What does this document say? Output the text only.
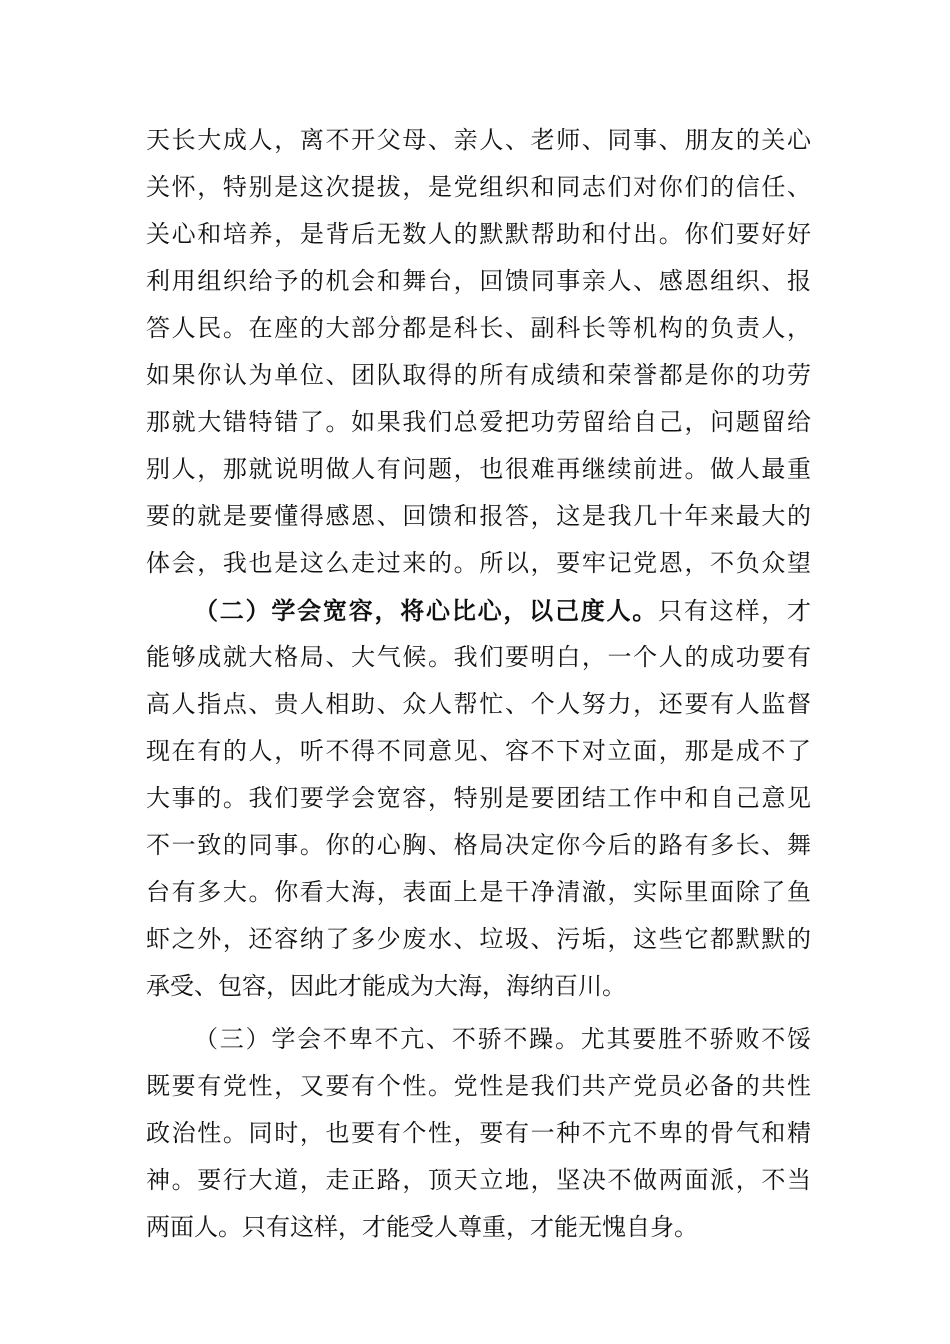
天长大成人，离不开父母、亲人、老师、同事、朋友的关心
关怀，特别是这次提拔，是党组织和同志们对你们的信任、
关心和培养，是背后无数人的默默帮助和付出。你们要好好
利用组织给予的机会和舞台，回馈同事亲人、感恩组织、报
答人民。在座的大部分都是科长、副科长等机构的负责人，
如果你认为单位、团队取得的所有成绩和荣誉都是你的功劳
那就大错特错了。如果我们总爱把功劳留给自己，问题留给
别人，那就说明做人有问题，也很难再继续前进。做人最重
要的就是要懂得感恩、回馈和报答，这是我几十年来最大的
体会，我也是这么走过来的。所以，要牢记党恩，不负众望
（二）学会宽容，将心比心，以己度人。只有这样，才
能够成就大格局、大气候。我们要明白，一个人的成功要有
高人指点、贵人相助、众人帮忙、个人努力，还要有人监督
现在有的人，听不得不同意见、容不下对立面，那是成不了
大事的。我们要学会宽容，特别是要团结工作中和自己意见
不一致的同事。你的心胸、格局决定你今后的路有多长、舞
台有多大。你看大海，表面上是干净清澈，实际里面除了鱼
虾之外，还容纳了多少废水、垃圾、污垢，这些它都默默的
承受、包容，因此才能成为大海，海纳百川。
（三）学会不卑不亢、不骄不躁。尤其要胜不骄败不馁
既要有党性，又要有个性。党性是我们共产党员必备的共性
政治性。同时，也要有个性，要有一种不亢不卑的骨气和精
神。要行大道，走正路，顶天立地，坚决不做两面派，不当
两面人。只有这样，才能受人尊重，才能无愧自身。
